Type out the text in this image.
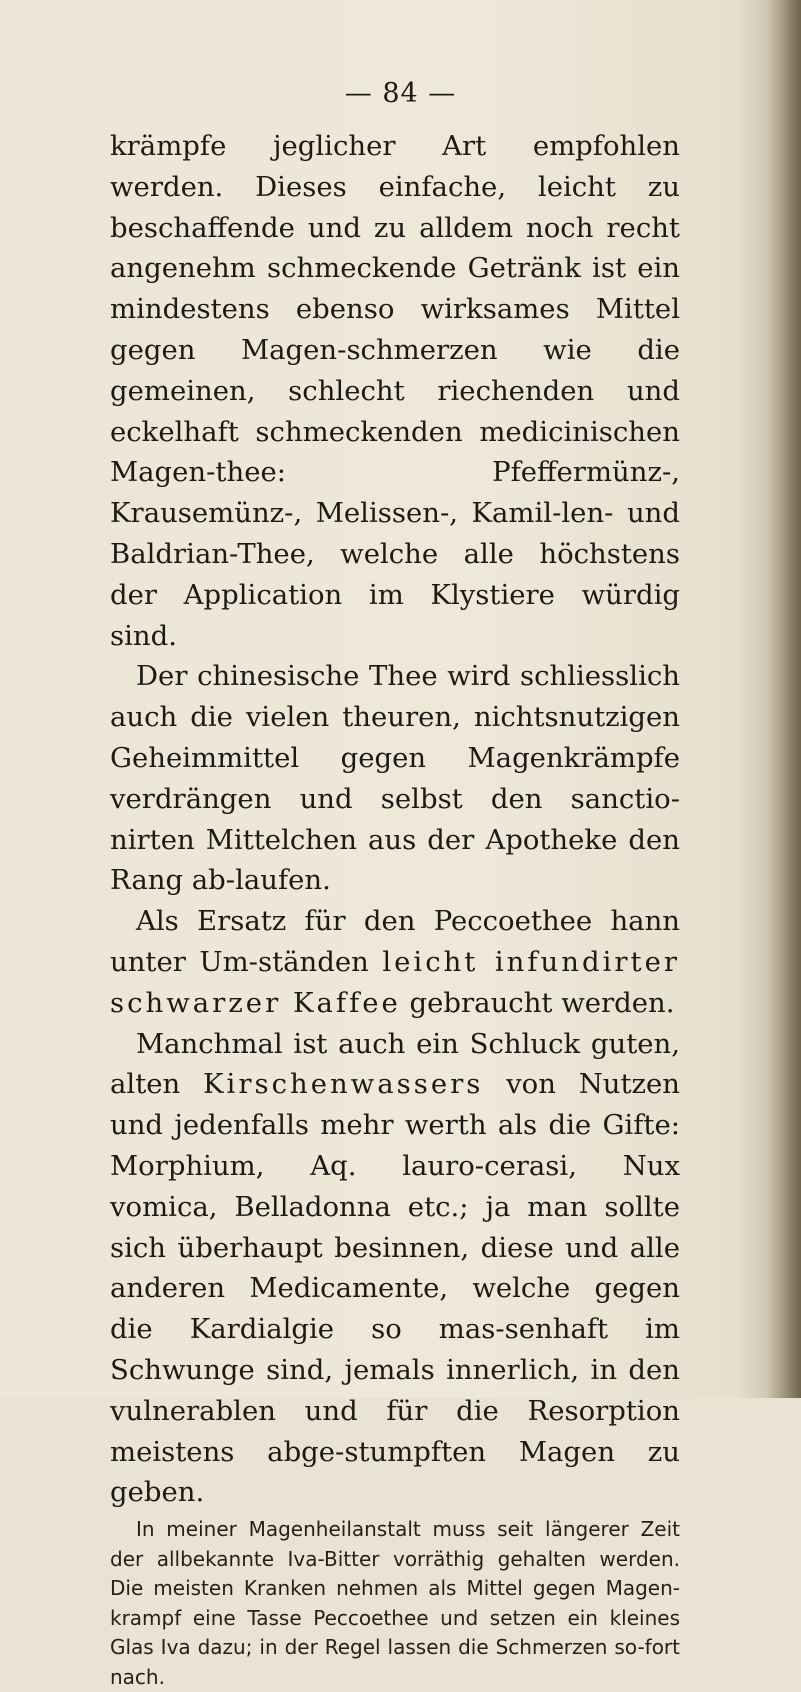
— 84 —

krämpfe jeglicher Art empfohlen werden. Dieses einfache, leicht zu beschaffende und zu alldem noch recht angenehm schmeckende Getränk ist ein mindestens ebenso wirksames Mittel gegen Magen-schmerzen wie die gemeinen, schlecht riechenden und eckelhaft schmeckenden medicinischen Magen-thee: Pfeffermünz-, Krausemünz-, Melissen-, Kamil-len- und Baldrian-Thee, welche alle höchstens der Application im Klystiere würdig sind.

Der chinesische Thee wird schliesslich auch die vielen theuren, nichtsnutzigen Geheimmittel gegen Magenkrämpfe verdrängen und selbst den sanctio-nirten Mittelchen aus der Apotheke den Rang ab-laufen.

Als Ersatz für den Peccoethee hann unter Um-ständen leicht infundirter schwarzer Kaffee gebraucht werden.

Manchmal ist auch ein Schluck guten, alten Kirschenwassers von Nutzen und jedenfalls mehr werth als die Gifte: Morphium, Aq. lauro-cerasi, Nux vomica, Belladonna etc.; ja man sollte sich überhaupt besinnen, diese und alle anderen Medicamente, welche gegen die Kardialgie so mas-senhaft im Schwunge sind, jemals innerlich, in den vulnerablen und für die Resorption meistens abge-stumpften Magen zu geben.

In meiner Magenheilanstalt muss seit längerer Zeit der allbekannte Iva-Bitter vorräthig gehalten werden. Die meisten Kranken nehmen als Mittel gegen Magen-krampf eine Tasse Peccoethee und setzen ein kleines Glas Iva dazu; in der Regel lassen die Schmerzen so-fort nach.
